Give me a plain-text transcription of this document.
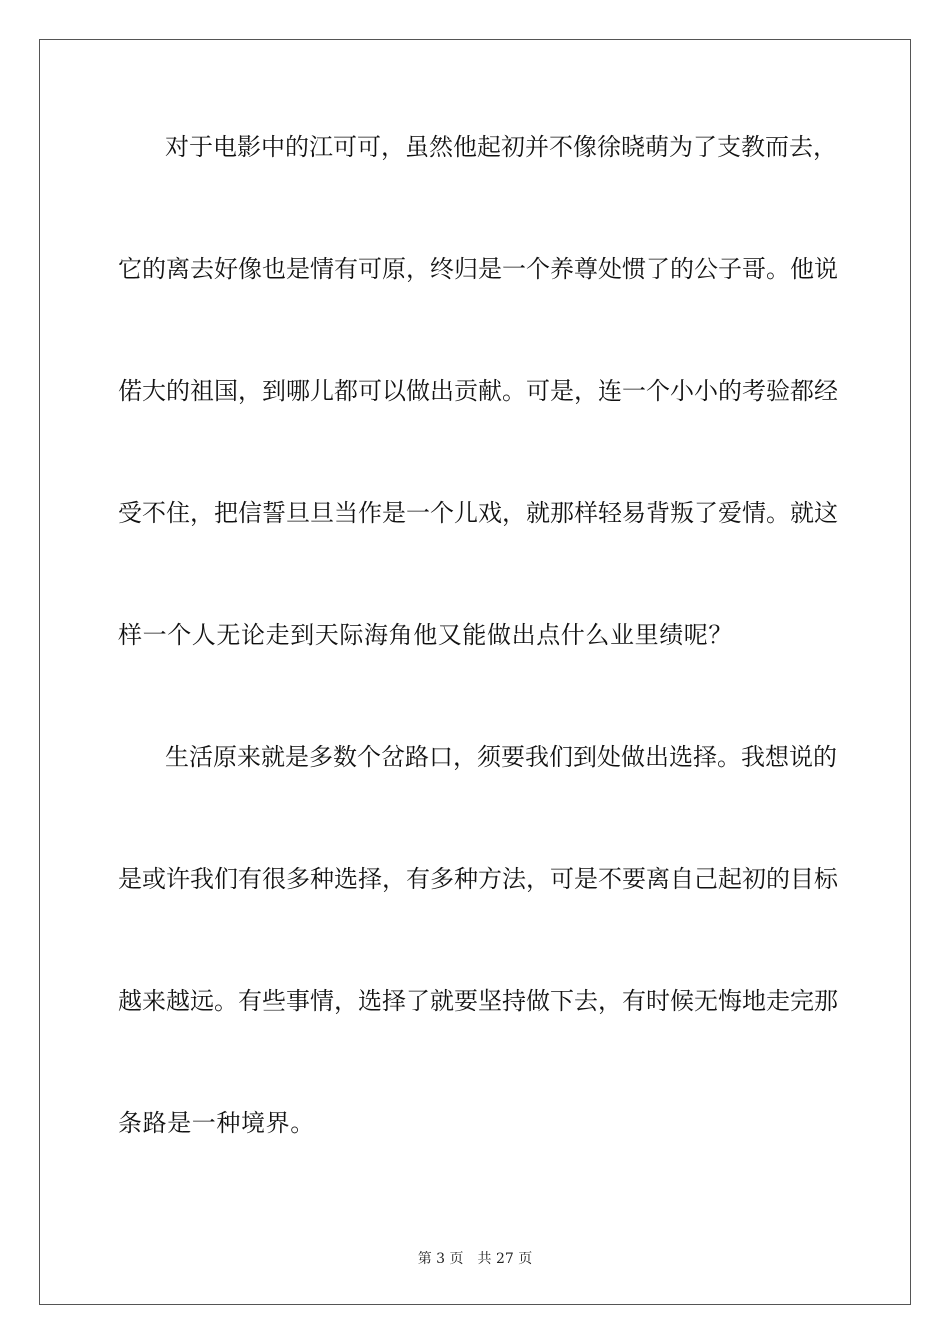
对于电影中的江可可，虽然他起初并不像徐晓萌为了支教而去，
它的离去好像也是情有可原，终归是一个养尊处惯了的公子哥。他说
偌大的祖国，到哪儿都可以做出贡献。可是，连一个小小的考验都经
受不住，把信誓旦旦当作是一个儿戏，就那样轻易背叛了爱情。就这
样一个人无论走到天际海角他又能做出点什么业里绩呢？
生活原来就是多数个岔路口，须要我们到处做出选择。我想说的
是或许我们有很多种选择，有多种方法，可是不要离自己起初的目标
越来越远。有些事情，选择了就要坚持做下去，有时候无悔地走完那
条路是一种境界。
第 3 页 共 27 页
